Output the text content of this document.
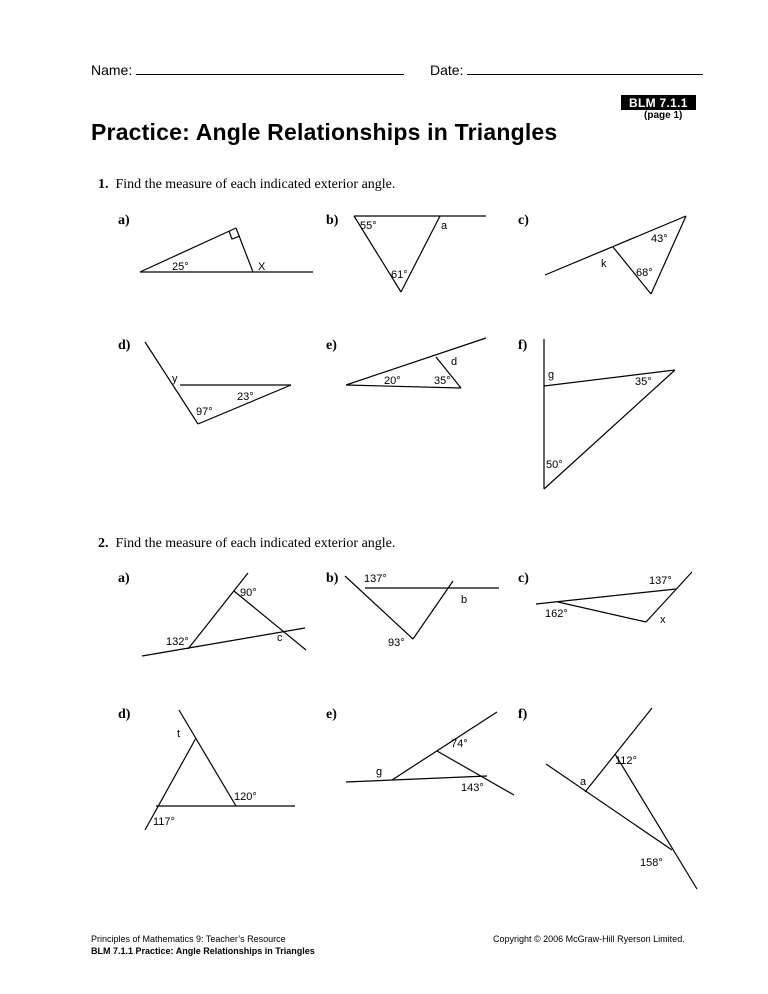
Name:	Date:
BLM 7.1.1
(page 1)
Practice: Angle Relationships in Triangles
1. Find the measure of each indicated exterior angle.
a)	b)	c)
d)	e)	f)
25°	X
55°	a
61°
43°
k
68°
y
23°
97°
d
20°	35°	g
35°
50°
2. Find the measure of each indicated exterior angle.
a)	b)	c)
d)	e)	f)
90°
132°	c
137°
b
93°
137°
162°	x
t
120°
117°
74°
g
143°
112°
a
158°
Principles of Mathematics 9: Teacher’s Resource
BLM 7.1.1 Practice: Angle Relationships in Triangles
Copyright © 2006 McGraw-Hill Ryerson Limited.
